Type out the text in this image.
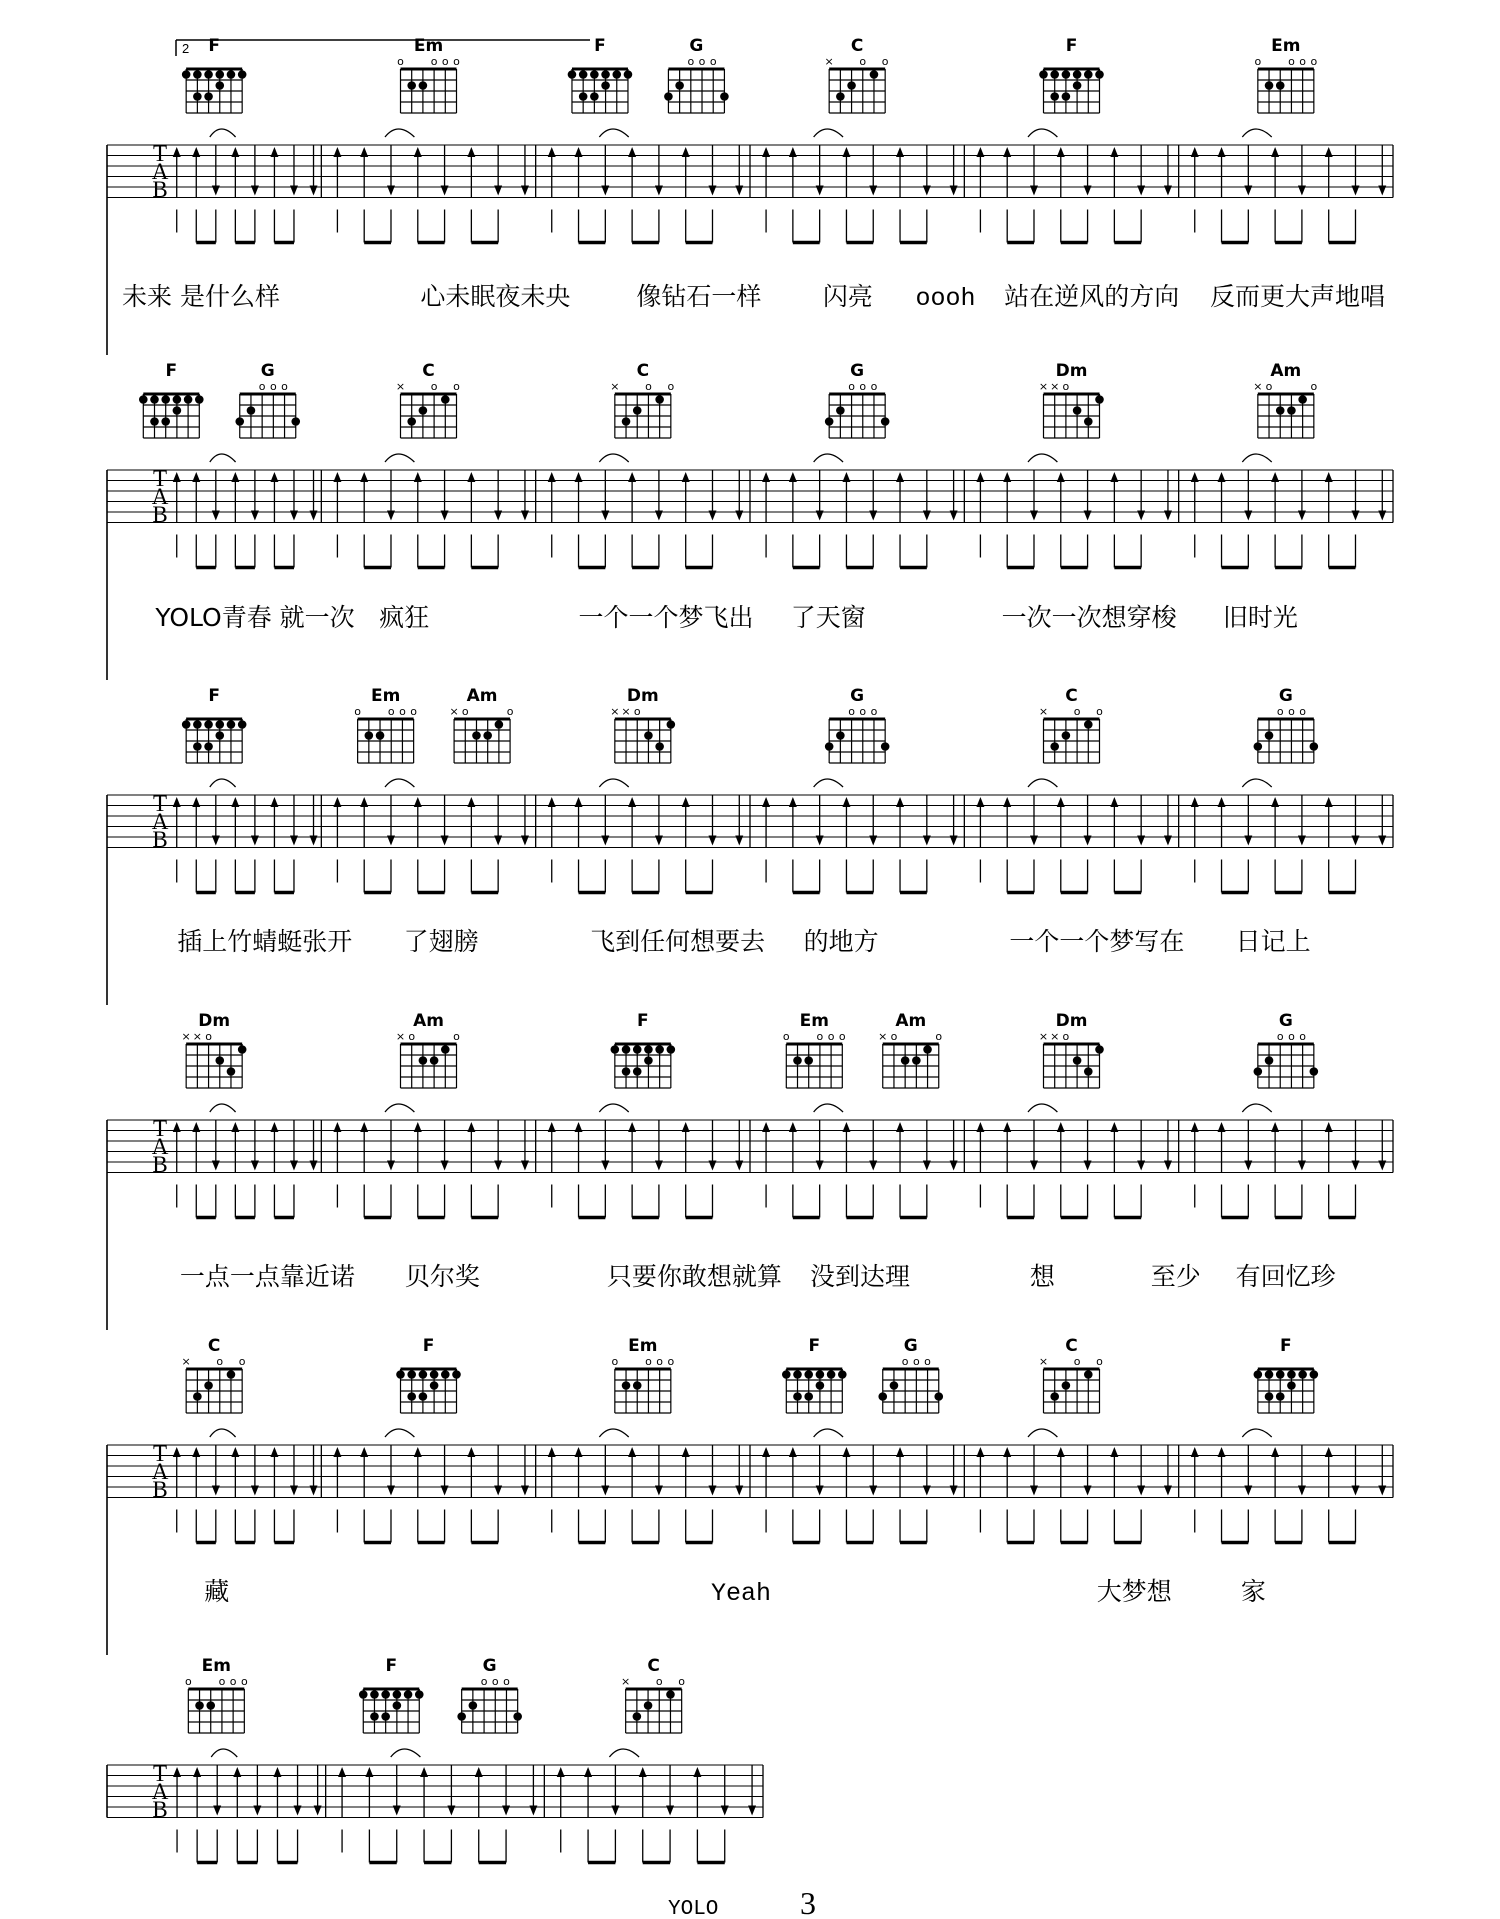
2
T
A
B
F	Em
o o o o
F	G
o o o
C
× o o
F	Em
o o o o
未来 是什么样	心未眠夜未央	像钻石一样 闪亮 oooh 站在逆风的方向 反而更大声地唱
T
A
B
F	G
o o o
C
× o o
C
× o o
G
o o o
Dm
× × o
Am
× o	o
YOLO青春 就一次 疯狂	一个一个梦飞出 了天窗	一次一次想穿梭 旧时光
T
A
B
F	Em
o o o o
Am
× o	o
Dm
× × o
G
o o o
C
× o o
G
o o o
插上竹蜻蜓张开 了翅膀	飞到任何想要去 的地方	一个一个梦写在 日记上
T
A
B
Dm
× × o
Am
× o	o
F	Em
o o o o
Am
× o	o
Dm
× × o
G
o o o
一点一点靠近诺 贝尔奖	只要你敢想就算 没到达理	想	至少 有回忆珍
T
A
B
C
× o o
F	Em
o o o o
F	G
o o o
C
× o o
F
藏	Yeah	大梦想	家
T
A
B
Em
o o o o
F	G
o o o
C
× o o
YOLO	3
